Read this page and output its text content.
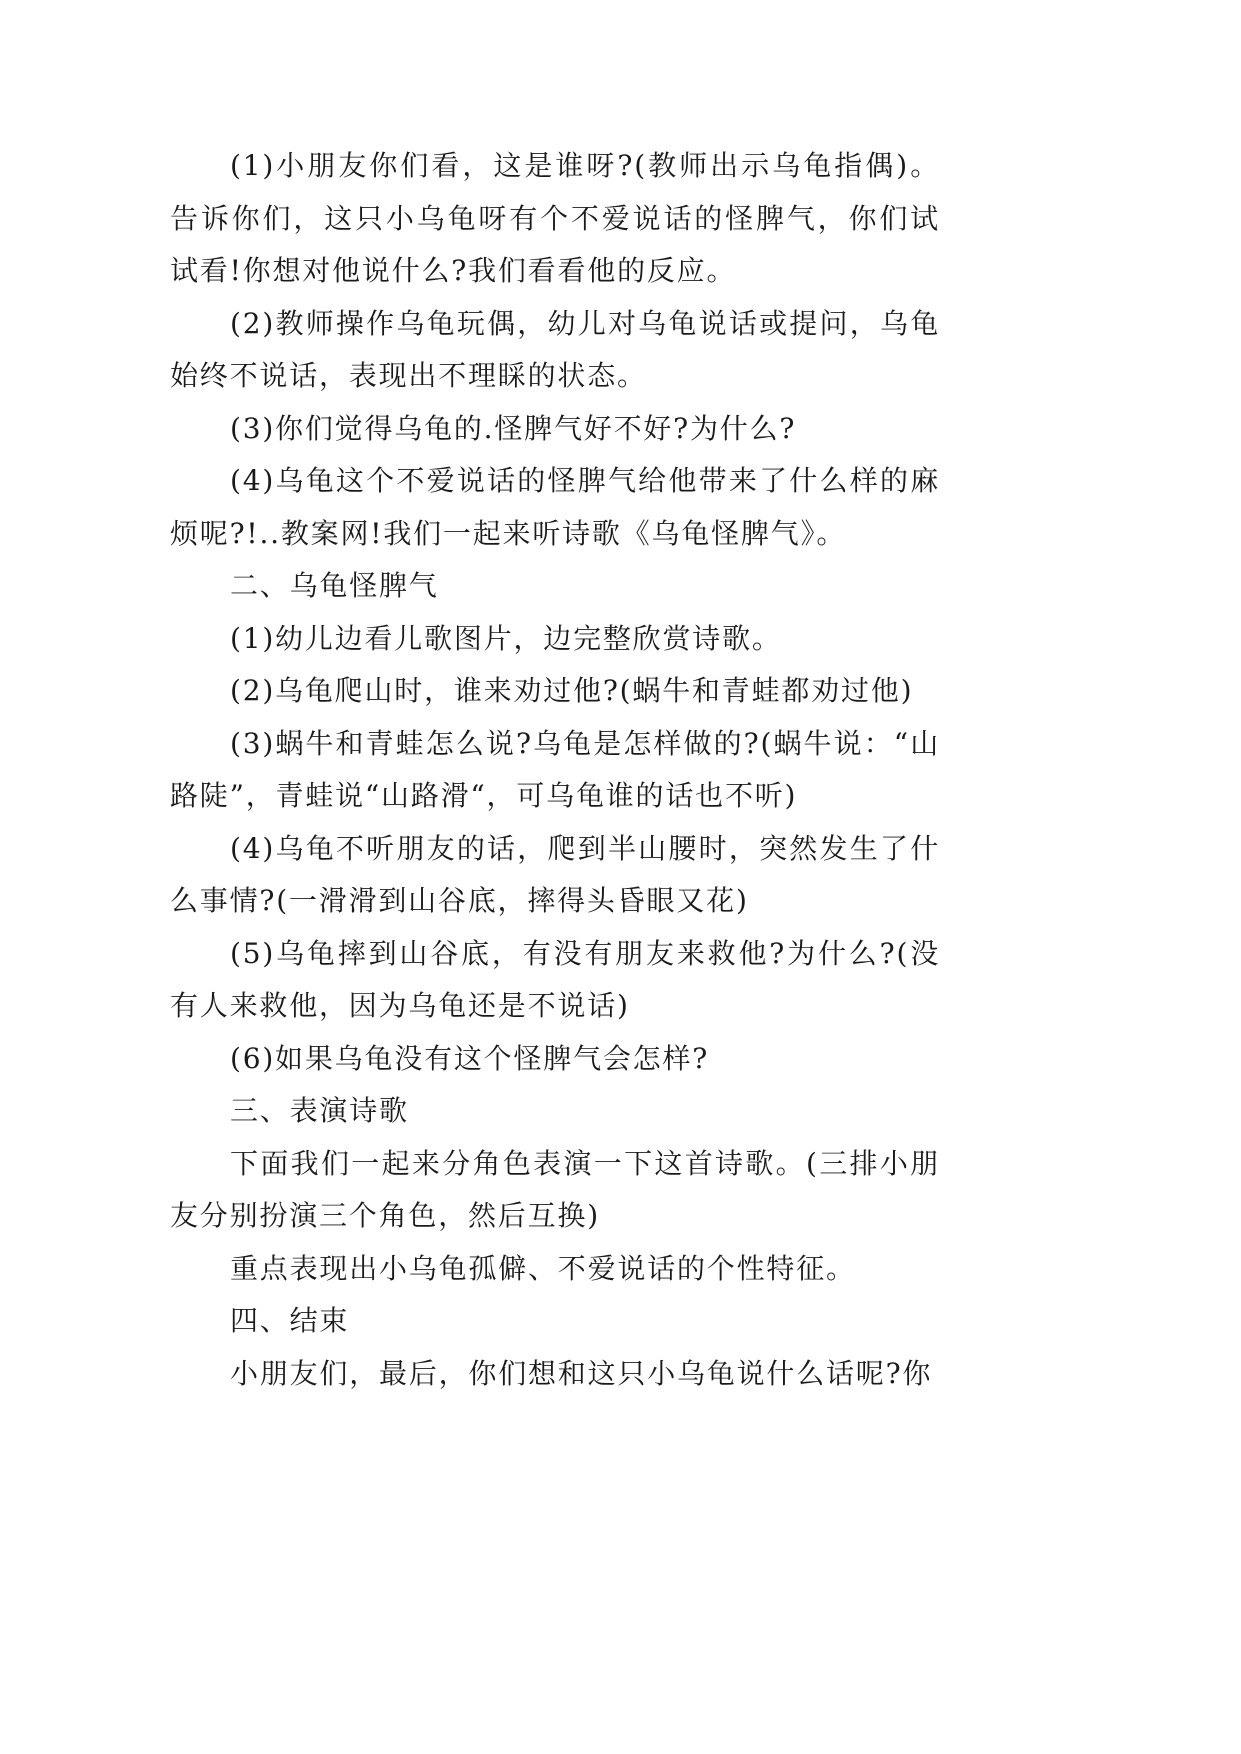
(1)小朋友你们看，这是谁呀?(教师出示乌龟指偶)。告诉你们，这只小乌龟呀有个不爱说话的怪脾气，你们试试看!你想对他说什么?我们看看他的反应。

(2)教师操作乌龟玩偶，幼儿对乌龟说话或提问，乌龟始终不说话，表现出不理睬的状态。

(3)你们觉得乌龟的.怪脾气好不好?为什么?

(4)乌龟这个不爱说话的怪脾气给他带来了什么样的麻烦呢?!..教案网!我们一起来听诗歌《乌龟怪脾气》。

二、乌龟怪脾气

(1)幼儿边看儿歌图片，边完整欣赏诗歌。

(2)乌龟爬山时，谁来劝过他?(蜗牛和青蛙都劝过他)

(3)蜗牛和青蛙怎么说?乌龟是怎样做的?(蜗牛说：“山路陡”，青蛙说“山路滑“，可乌龟谁的话也不听)

(4)乌龟不听朋友的话，爬到半山腰时，突然发生了什么事情?(一滑滑到山谷底，摔得头昏眼又花)

(5)乌龟摔到山谷底，有没有朋友来救他?为什么?(没有人来救他，因为乌龟还是不说话)

(6)如果乌龟没有这个怪脾气会怎样?

三、表演诗歌

下面我们一起来分角色表演一下这首诗歌。(三排小朋友分别扮演三个角色，然后互换)

重点表现出小乌龟孤僻、不爱说话的个性特征。

四、结束

小朋友们，最后，你们想和这只小乌龟说什么话呢?你
